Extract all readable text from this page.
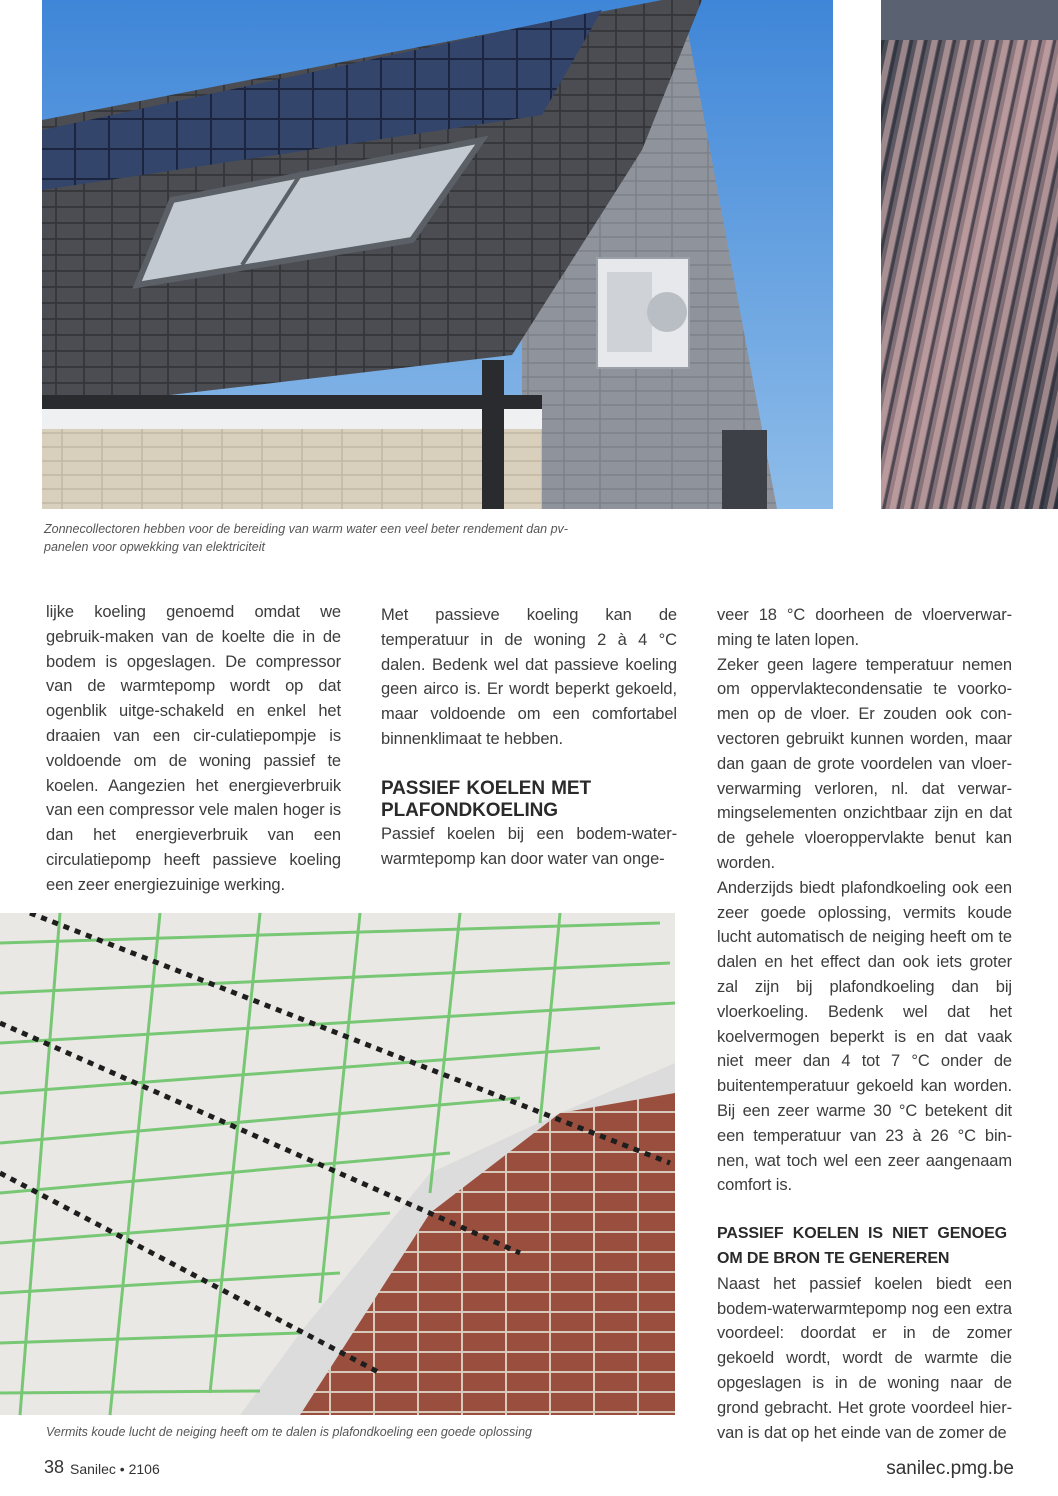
Zonnecollectoren hebben voor de bereiding van warm water een veel beter rendement dan pv-panelen voor opwekking van elektriciteit

lijke koeling genoemd omdat we gebruik-maken van de koelte die in de bodem is opgeslagen. De compressor van de warmtepomp wordt op dat ogenblik uitge-schakeld en enkel het draaien van een cir-culatiepompje is voldoende om de woning passief te koelen. Aangezien het energieverbruik van een compressor vele malen hoger is dan het energieverbruik van een circulatiepomp heeft passieve koeling een zeer energiezuinige werking.

Met passieve koeling kan de temperatuur in de woning 2 à 4 °C dalen. Bedenk wel dat passieve koeling geen airco is. Er wordt beperkt gekoeld, maar voldoende om een comfortabel binnenklimaat te hebben.

PASSIEF KOELEN MET PLAFONDKOELING

Passief koelen bij een bodem-water-warmtepomp kan door water van onge-

veer 18 °C doorheen de vloerverwar-ming te laten lopen.

Zeker geen lagere temperatuur nemen om oppervlaktecondensatie te voorko-men op de vloer. Er zouden ook con-vectoren gebruikt kunnen worden, maar dan gaan de grote voordelen van vloer-verwarming verloren, nl. dat verwar-mingselementen onzichtbaar zijn en dat de gehele vloeroppervlakte benut kan worden.

Anderzijds biedt plafondkoeling ook een zeer goede oplossing, vermits koude lucht automatisch de neiging heeft om te dalen en het effect dan ook iets groter zal zijn bij plafondkoeling dan bij vloerkoeling. Bedenk wel dat het koelvermogen beperkt is en dat vaak niet meer dan 4 tot 7 °C onder de buitentemperatuur gekoeld kan worden. Bij een zeer warme 30 °C betekent dit een temperatuur van 23 à 26 °C bin-nen, wat toch wel een zeer aangenaam comfort is.

PASSIEF KOELEN IS NIET GENOEG OM DE BRON TE GENEREREN

Naast het passief koelen biedt een bodem-waterwarmtepomp nog een extra voordeel: doordat er in de zomer gekoeld wordt, wordt de warmte die opgeslagen is in de woning naar de grond gebracht. Het grote voordeel hier-van is dat op het einde van de zomer de

Vermits koude lucht de neiging heeft om te dalen is plafondkoeling een goede oplossing
38 Sanilec • 2106	sanilec.pmg.be
